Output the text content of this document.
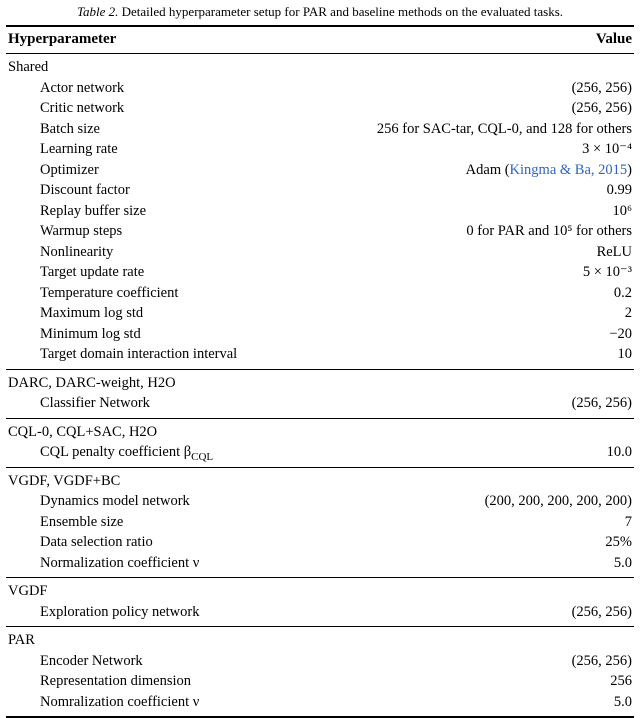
Table 2. Detailed hyperparameter setup for PAR and baseline methods on the evaluated tasks.
Hyperparameter	Value
Shared
Actor network	(256, 256)
Critic network	(256, 256)
Batch size	256 for SAC-tar, CQL-0, and 128 for others
Learning rate	3 × 10⁻⁴
Optimizer	Adam (Kingma & Ba, 2015)
Discount factor	0.99
Replay buffer size	10⁶
Warmup steps	0 for PAR and 10⁵ for others
Nonlinearity	ReLU
Target update rate	5 × 10⁻³
Temperature coefficient	0.2
Maximum log std	2
Minimum log std	−20
Target domain interaction interval	10
DARC, DARC-weight, H2O
Classifier Network	(256, 256)
CQL-0, CQL+SAC, H2O
CQL penalty coefficient $\beta_{CQL}$	10.0
VGDF, VGDF+BC
Dynamics model network	(200, 200, 200, 200, 200)
Ensemble size	7
Data selection ratio	25%
Normalization coefficient ν	5.0
VGDF
Exploration policy network	(256, 256)
PAR
Encoder Network	(256, 256)
Representation dimension	256
Nomralization coefficient ν	5.0
